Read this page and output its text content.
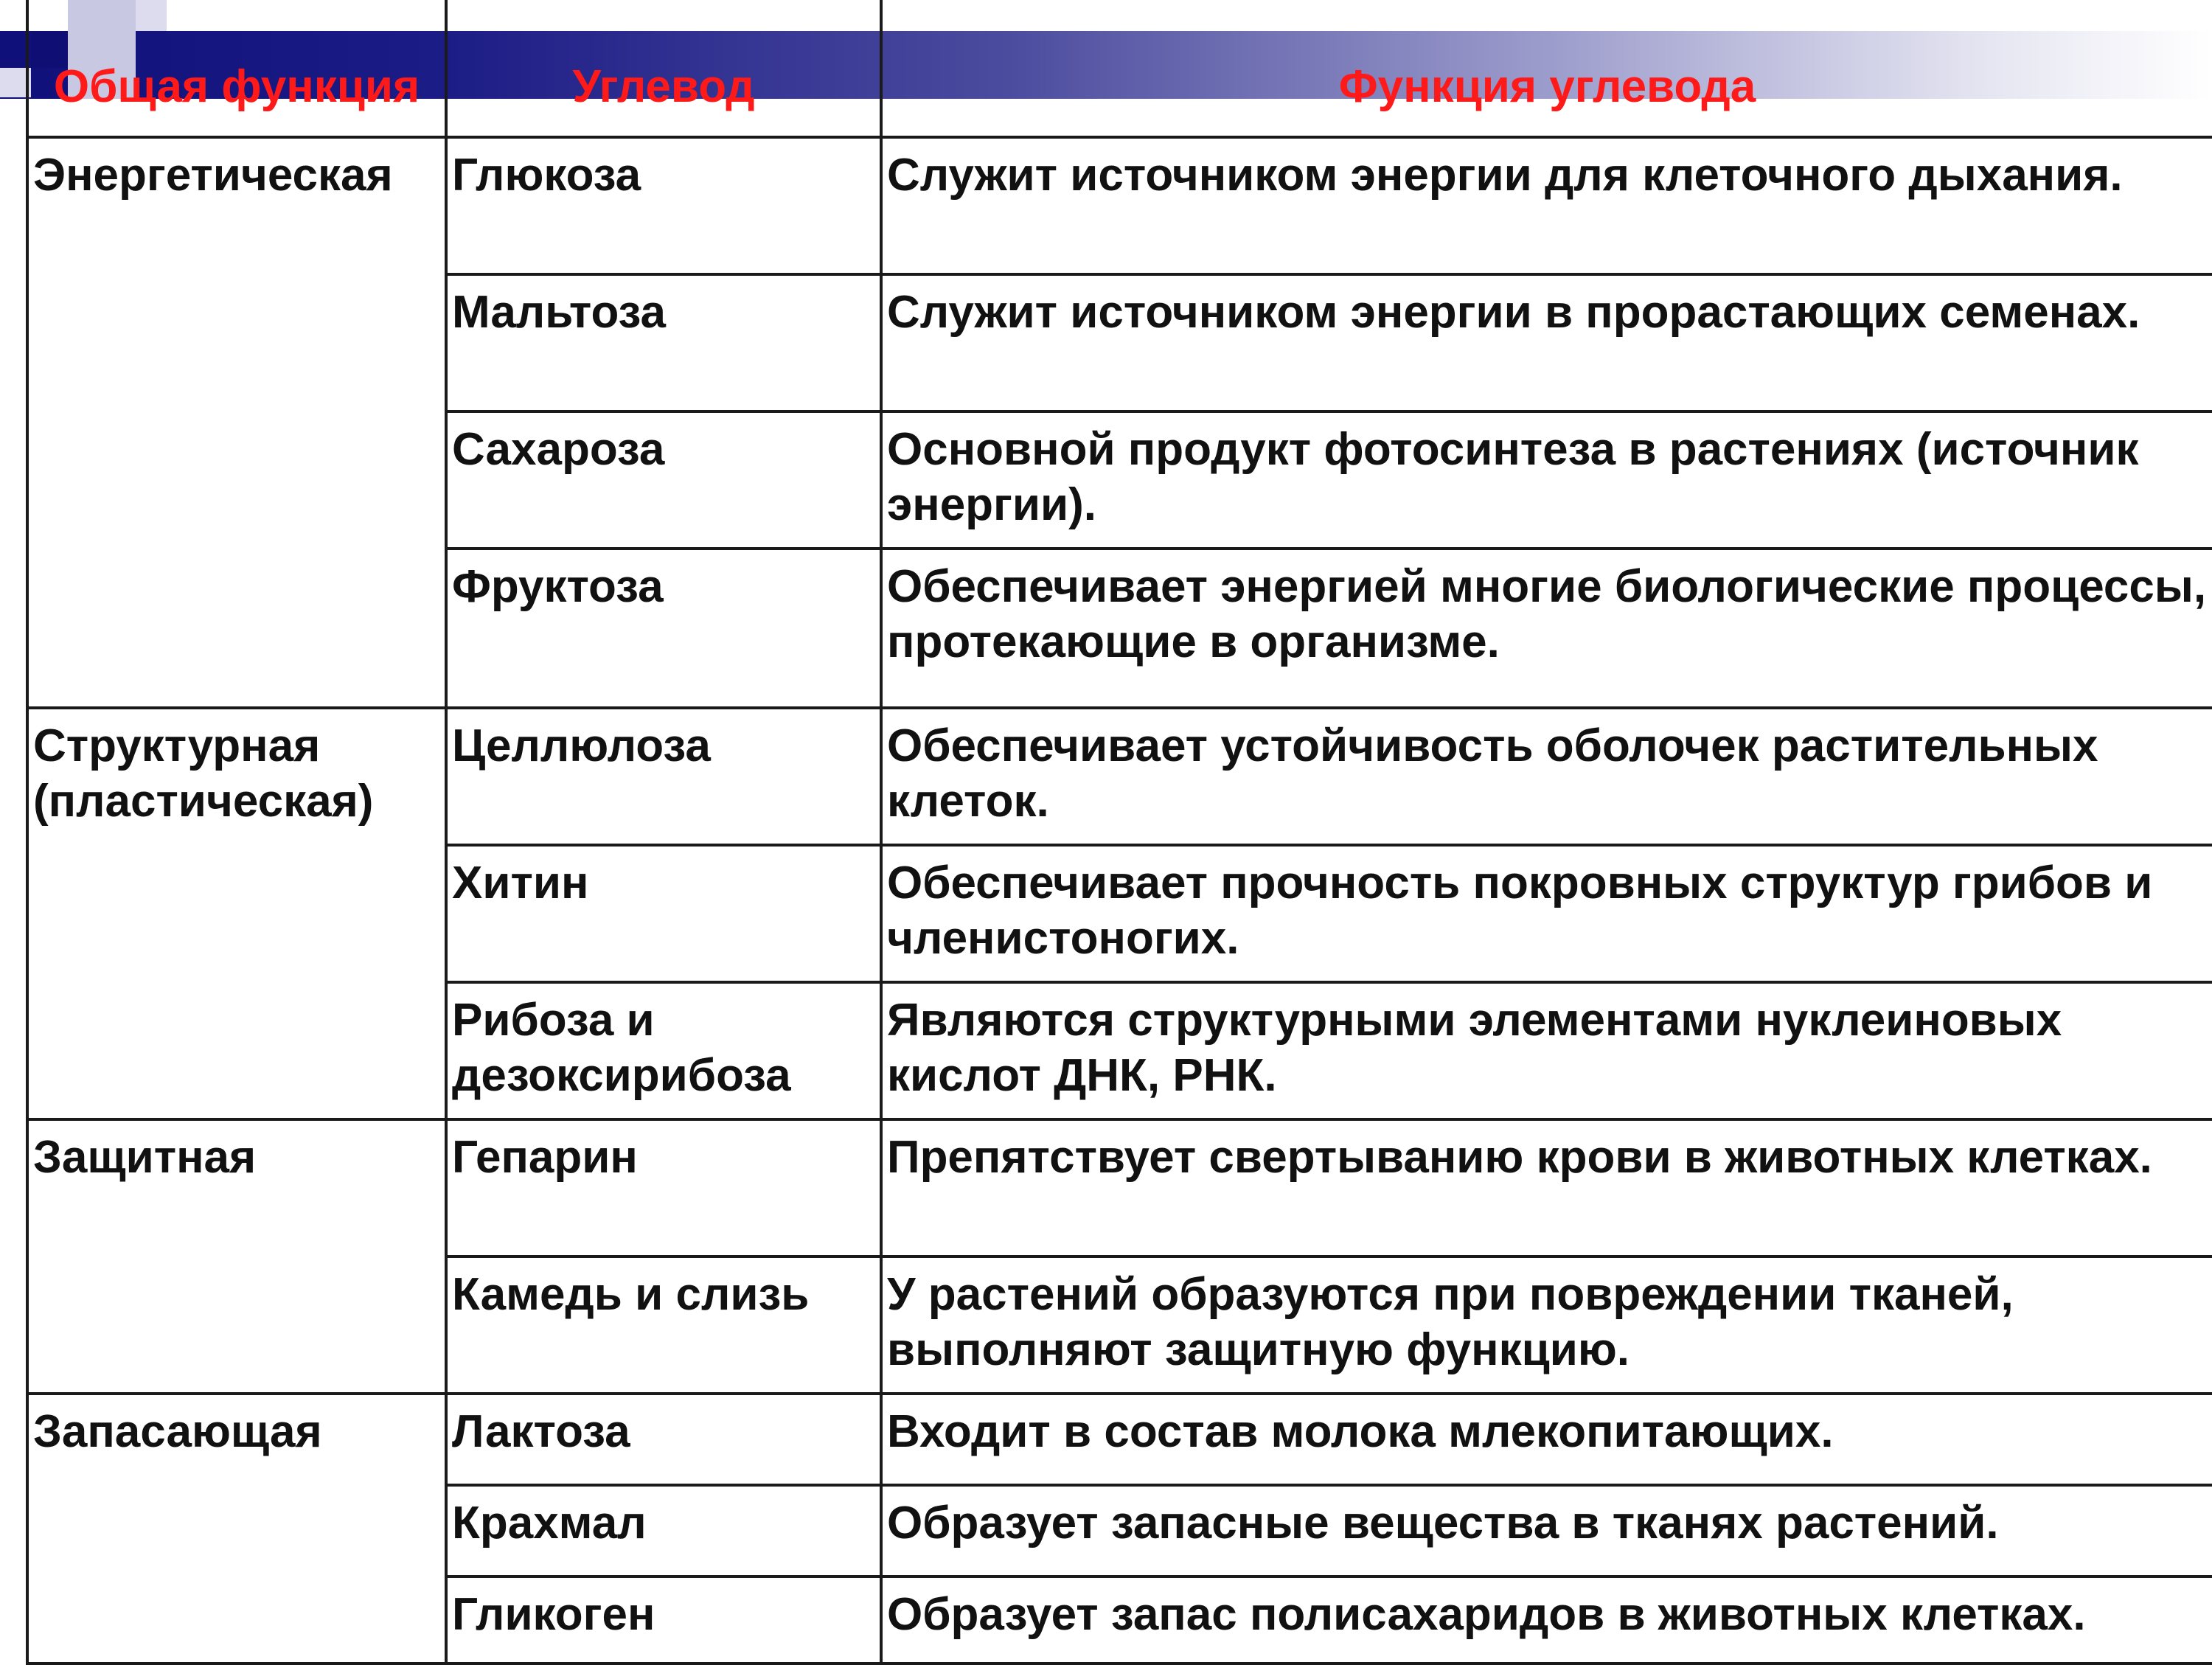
Общая функция	Углевод	Функция углевода
Энергетическая	Глюкоза	Служит источником энергии для клеточного дыхания.
	Мальтоза	Служит источником энергии в прорастающих семенах.
	Сахароза	Основной продукт фотосинтеза в растениях (источник энергии).
	Фруктоза	Обеспечивает энергией многие биологические процессы, протекающие в организме.
Структурная (пластическая)	Целлюлоза	Обеспечивает устойчивость оболочек растительных клеток.
	Хитин	Обеспечивает прочность покровных структур грибов и членистоногих.
	Рибоза и дезоксирибоза	Являются структурными элементами нуклеиновых кислот ДНК, РНК.
Защитная	Гепарин	Препятствует свертыванию крови в животных клетках.
	Камедь и слизь	У растений образуются при повреждении тканей, выполняют защитную функцию.
Запасающая	Лактоза	Входит в состав молока млекопитающих.
	Крахмал	Образует запасные вещества в тканях растений.
	Гликоген	Образует запас полисахаридов в животных клетках.
